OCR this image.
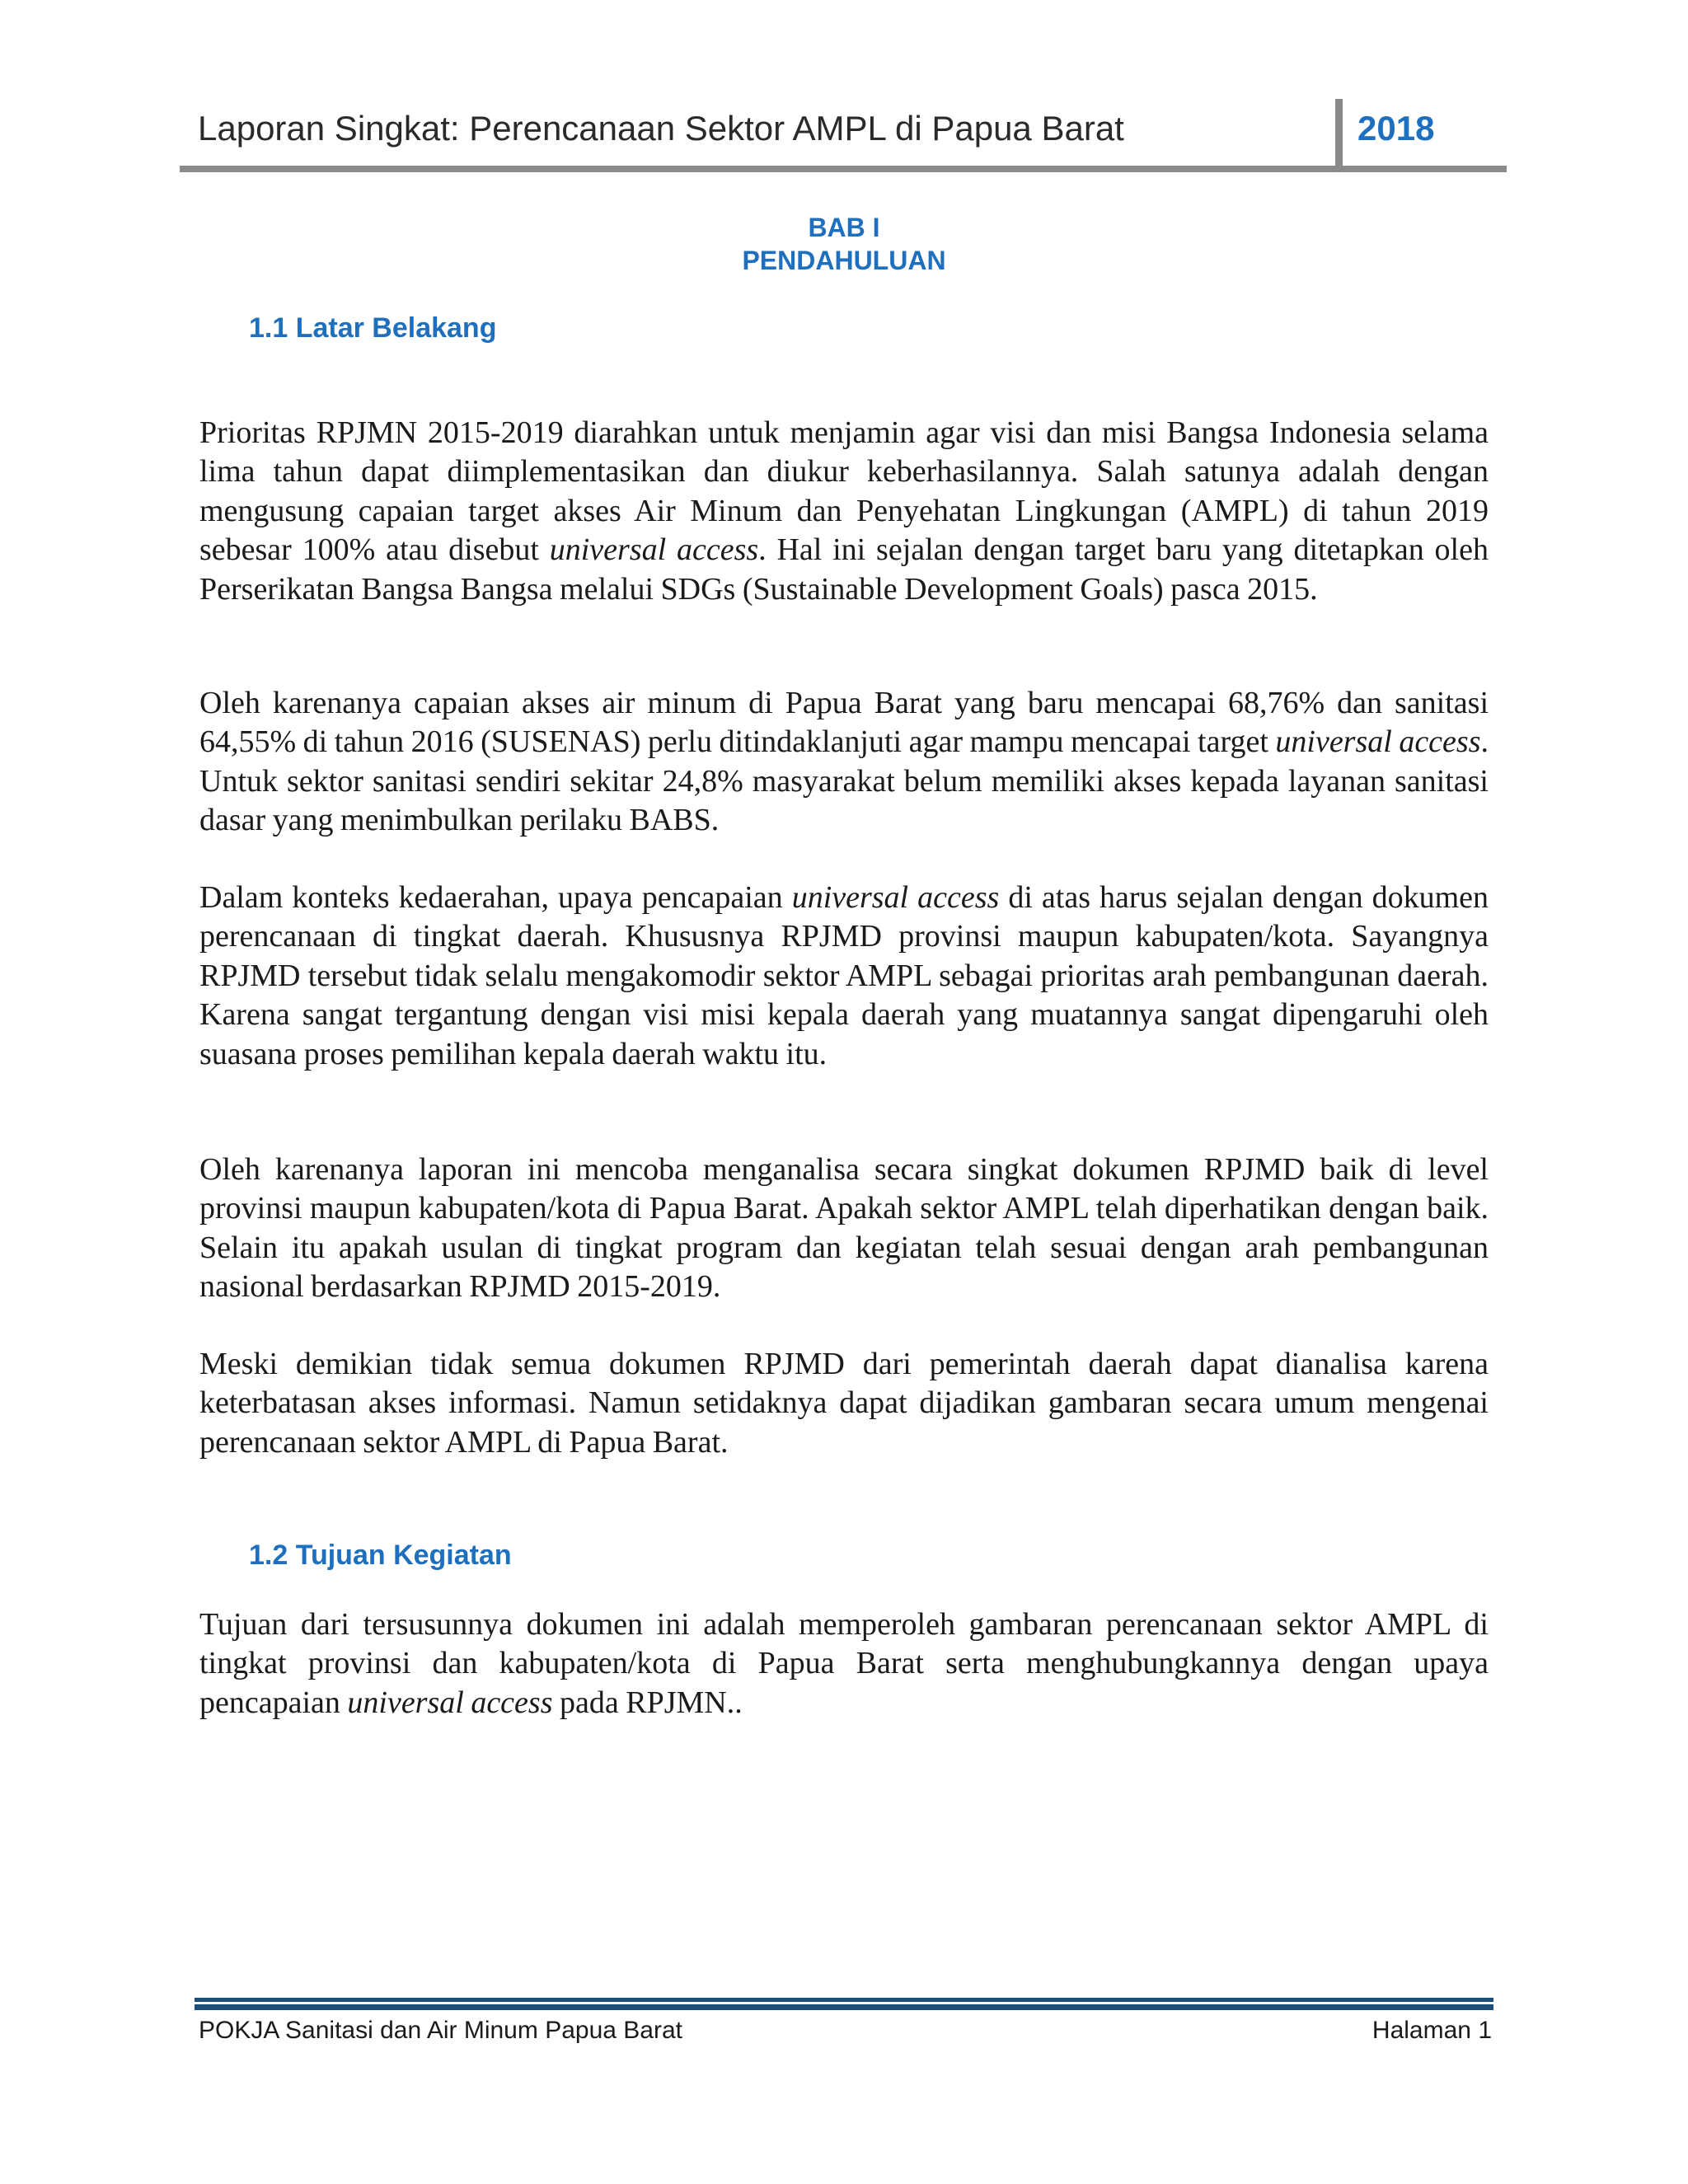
Laporan Singkat: Perencanaan Sektor AMPL di Papua Barat	2018
BAB I
PENDAHULUAN
1.1 Latar Belakang

Prioritas RPJMN 2015-2019 diarahkan untuk menjamin agar visi dan misi Bangsa Indonesia selama lima tahun dapat diimplementasikan dan diukur keberhasilannya. Salah satunya adalah dengan mengusung capaian target akses Air Minum dan Penyehatan Lingkungan (AMPL) di tahun 2019 sebesar 100% atau disebut universal access. Hal ini sejalan dengan target baru yang ditetapkan oleh Perserikatan Bangsa Bangsa melalui SDGs (Sustainable Development Goals) pasca 2015.

Oleh karenanya capaian akses air minum di Papua Barat yang baru mencapai 68,76% dan sanitasi 64,55% di tahun 2016 (SUSENAS) perlu ditindaklanjuti agar mampu mencapai target universal access. Untuk sektor sanitasi sendiri sekitar 24,8% masyarakat belum memiliki akses kepada layanan sanitasi dasar yang menimbulkan perilaku BABS.

Dalam konteks kedaerahan, upaya pencapaian universal access di atas harus sejalan dengan dokumen perencanaan di tingkat daerah. Khususnya RPJMD provinsi maupun kabupaten/kota. Sayangnya RPJMD tersebut tidak selalu mengakomodir sektor AMPL sebagai prioritas arah pembangunan daerah. Karena sangat tergantung dengan visi misi kepala daerah yang muatannya sangat dipengaruhi oleh suasana proses pemilihan kepala daerah waktu itu.

Oleh karenanya laporan ini mencoba menganalisa secara singkat dokumen RPJMD baik di level provinsi maupun kabupaten/kota di Papua Barat. Apakah sektor AMPL telah diperhatikan dengan baik. Selain itu apakah usulan di tingkat program dan kegiatan telah sesuai dengan arah pembangunan nasional berdasarkan RPJMD 2015-2019.

Meski demikian tidak semua dokumen RPJMD dari pemerintah daerah dapat dianalisa karena keterbatasan akses informasi. Namun setidaknya dapat dijadikan gambaran secara umum mengenai perencanaan sektor AMPL di Papua Barat.

1.2 Tujuan Kegiatan

Tujuan dari tersusunnya dokumen ini adalah memperoleh gambaran perencanaan sektor AMPL di tingkat provinsi dan kabupaten/kota di Papua Barat serta menghubungkannya dengan upaya pencapaian universal access pada RPJMN..

POKJA Sanitasi dan Air Minum Papua Barat	Halaman 1
